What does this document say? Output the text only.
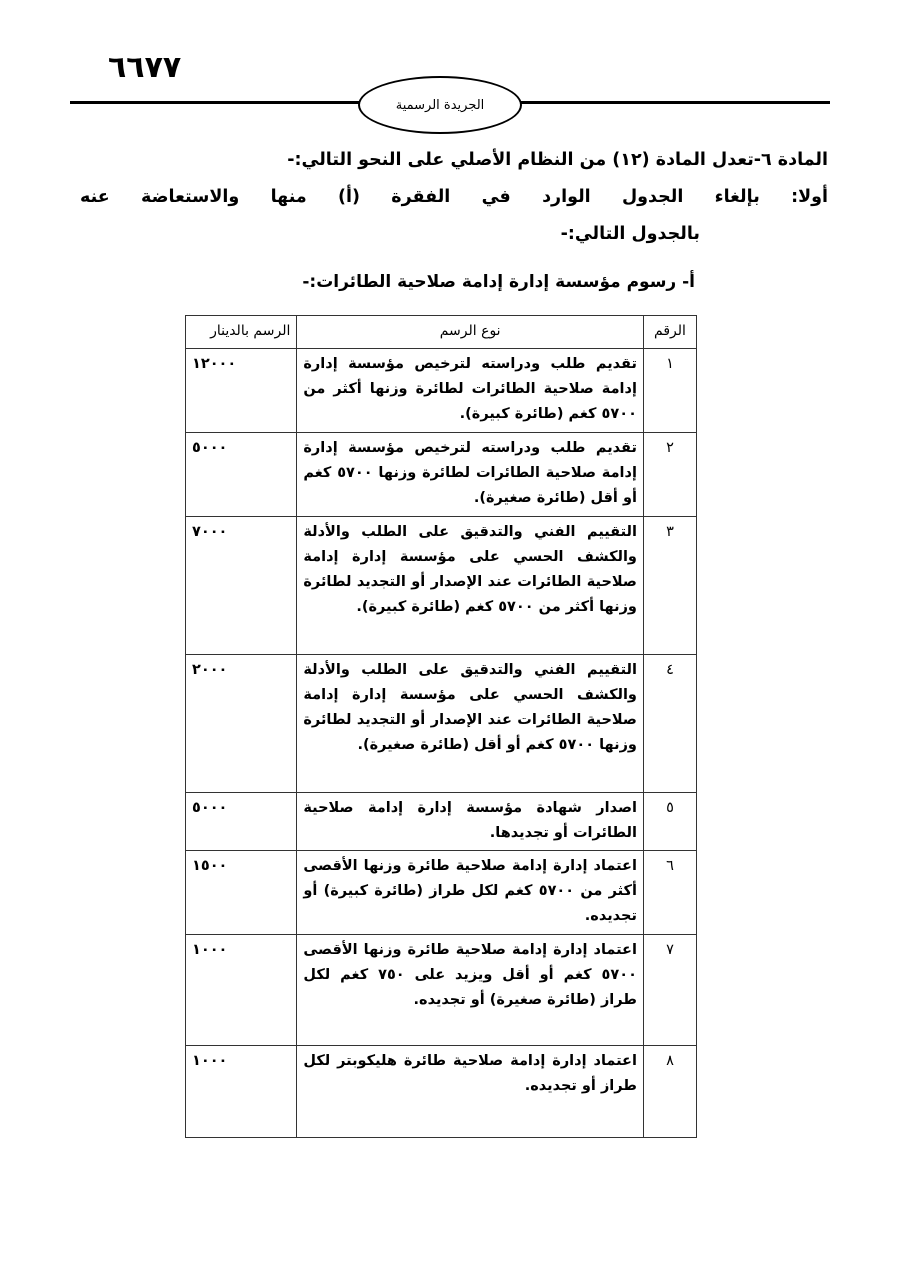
٦٦٧٧
الجريدة الرسمية
المادة ٦-تعدل المادة (١٢) من النظام الأصلي على النحو التالي:-
أولا: بإلغاء الجدول الوارد في الفقرة (أ) منها والاستعاضة عنه
بالجدول التالي:-
أ- رسوم مؤسسة إدارة إدامة صلاحية الطائرات:-
الرقم	نوع الرسم	الرسم بالدينار
١	تقديم طلب ودراسته لترخيص مؤسسة إدارة إدامة صلاحية الطائرات لطائرة وزنها أكثر من ٥٧٠٠ كغم (طائرة كبيرة).	١٢٠٠٠
٢	تقديم طلب ودراسته لترخيص مؤسسة إدارة إدامة صلاحية الطائرات لطائرة وزنها ٥٧٠٠ كغم أو أقل (طائرة صغيرة).	٥٠٠٠
٣	التقييم الفني والتدقيق على الطلب والأدلة والكشف الحسي على مؤسسة إدارة إدامة صلاحية الطائرات عند الإصدار أو التجديد لطائرة وزنها أكثر من ٥٧٠٠ كغم (طائرة كبيرة).	٧٠٠٠
٤	التقييم الفني والتدقيق على الطلب والأدلة والكشف الحسي على مؤسسة إدارة إدامة صلاحية الطائرات عند الإصدار أو التجديد لطائرة وزنها ٥٧٠٠ كغم أو أقل (طائرة صغيرة).	٢٠٠٠
٥	اصدار شهادة مؤسسة إدارة إدامة صلاحية الطائرات أو تجديدها.	٥٠٠٠
٦	اعتماد إدارة إدامة صلاحية طائرة وزنها الأقصى أكثر من ٥٧٠٠ كغم لكل طراز (طائرة كبيرة) أو تجديده.	١٥٠٠
٧	اعتماد إدارة إدامة صلاحية طائرة وزنها الأقصى ٥٧٠٠ كغم أو أقل ويزيد على ٧٥٠ كغم لكل طراز (طائرة صغيرة) أو تجديده.	١٠٠٠
٨	اعتماد إدارة إدامة صلاحية طائرة هليكوبتر لكل طراز أو تجديده.	١٠٠٠
